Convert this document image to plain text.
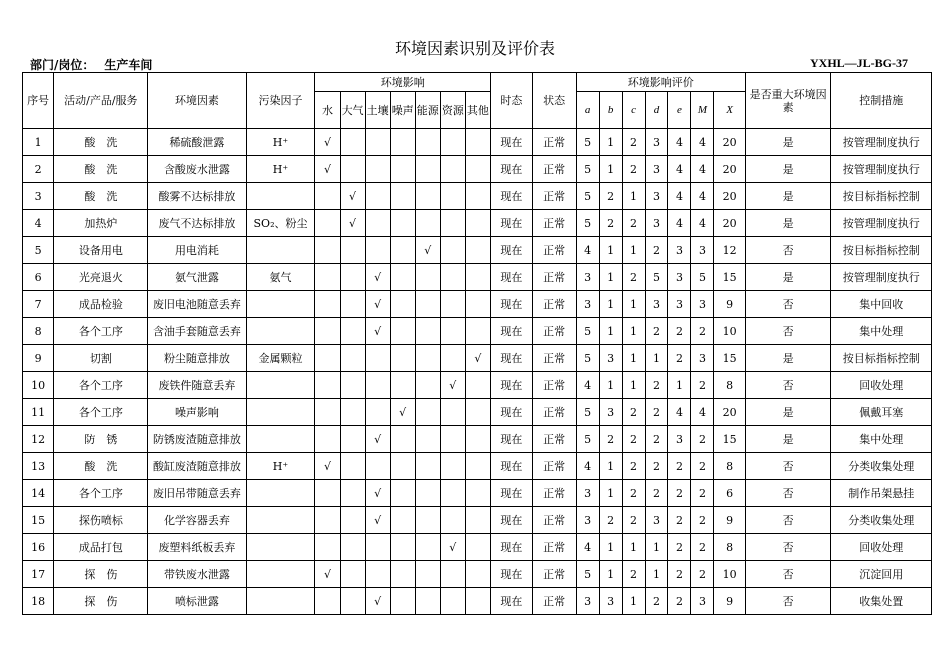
环境因素识别及评价表
部门/岗位： 生产车间	YXHL—JL-BG-37
序号	活动/产品/服务	环境因素	污染因子	环境影响							时态	状态	环境影响评价							是否重大环境因素	控制措施
				水	大气	土壤	噪声	能源	资源	其他			a	b	c	d	e	M	X		
1	酸　洗	稀硫酸泄露	H⁺	√							现在	正常	5	1	2	3	4	4	20	是	按管理制度执行
2	酸　洗	含酸废水泄露	H⁺	√							现在	正常	5	1	2	3	4	4	20	是	按管理制度执行
3	酸　洗	酸雾不达标排放			√						现在	正常	5	2	1	3	4	4	20	是	按目标指标控制
4	加热炉	废气不达标排放	SO₂、粉尘		√						现在	正常	5	2	2	3	4	4	20	是	按管理制度执行
5	设备用电	用电消耗						√			现在	正常	4	1	1	2	3	3	12	否	按目标指标控制
6	光亮退火	氨气泄露	氨气			√					现在	正常	3	1	2	5	3	5	15	是	按管理制度执行
7	成品检验	废旧电池随意丢弃				√					现在	正常	3	1	1	3	3	3	9	否	集中回收
8	各个工序	含油手套随意丢弃				√					现在	正常	5	1	1	2	2	2	10	否	集中处理
9	切割	粉尘随意排放	金属颗粒							√	现在	正常	5	3	1	1	2	3	15	是	按目标指标控制
10	各个工序	废铁件随意丢弃							√		现在	正常	4	1	1	2	1	2	8	否	回收处理
11	各个工序	噪声影响					√				现在	正常	5	3	2	2	4	4	20	是	佩戴耳塞
12	防　锈	防锈废渣随意排放				√					现在	正常	5	2	2	2	3	2	15	是	集中处理
13	酸　洗	酸缸废渣随意排放	H⁺	√							现在	正常	4	1	2	2	2	2	8	否	分类收集处理
14	各个工序	废旧吊带随意丢弃				√					现在	正常	3	1	2	2	2	2	6	否	制作吊架悬挂
15	探伤喷标	化学容器丢弃				√					现在	正常	3	2	2	3	2	2	9	否	分类收集处理
16	成品打包	废塑料纸板丢弃							√		现在	正常	4	1	1	1	2	2	8	否	回收处理
17	探　伤	带铁废水泄露		√							现在	正常	5	1	2	1	2	2	10	否	沉淀回用
18	探　伤	喷标泄露				√					现在	正常	3	3	1	2	2	3	9	否	收集处置
